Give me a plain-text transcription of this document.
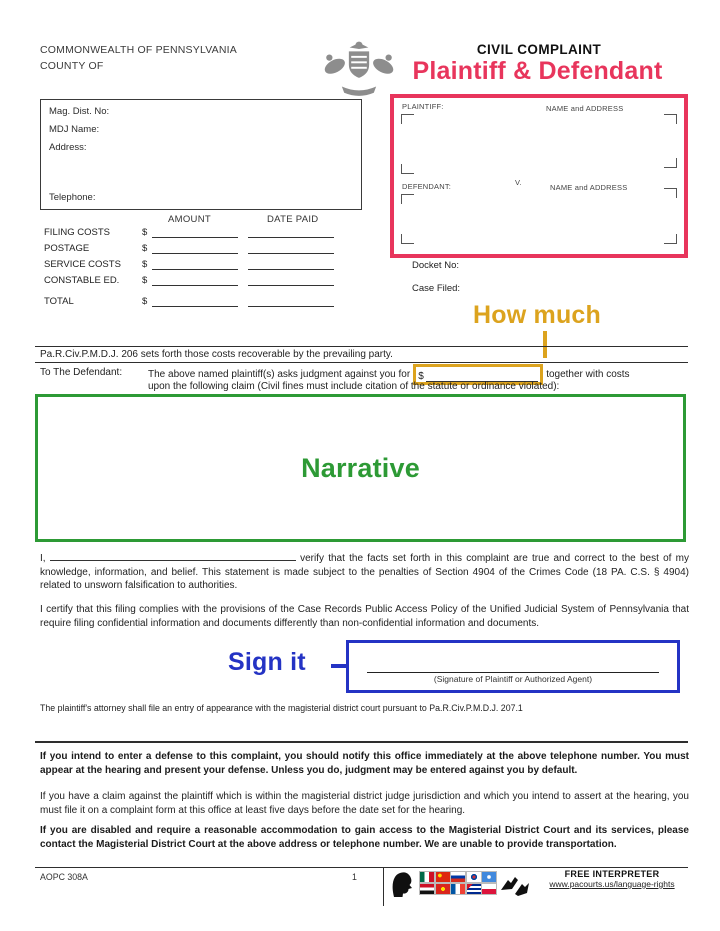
COMMONWEALTH OF PENNSYLVANIA
COUNTY OF
CIVIL COMPLAINT
Plaintiff & Defendant
Mag. Dist. No:
MDJ Name:
Address:
Telephone:
AMOUNT	DATE PAID
FILING COSTS	$
POSTAGE	$
SERVICE COSTS	$
CONSTABLE ED.	$
TOTAL	$
PLAINTIFF:	NAME and ADDRESS
DEFENDANT:	V.
NAME and ADDRESS
Docket No:
Case Filed:
How much
Pa.R.Civ.P.M.D.J. 206 sets forth those costs recoverable by the prevailing party.
To The Defendant:	The above named plaintiff(s) asks judgment against you for $	together with costs
upon the following claim (Civil fines must include citation of the statute or ordinance violated):
Narrative
I,	verify that the facts set forth in this complaint are true and correct to the best of my knowledge, information, and belief. This statement is made subject to the penalties of Section 4904 of the Crimes Code (18 PA. C.S. § 4904) related to unsworn falsification to authorities.
I certify that this filing complies with the provisions of the Case Records Public Access Policy of the Unified Judicial System of Pennsylvania that require filing confidential information and documents differently than non-confidential information and documents.
Sign it
(Signature of Plaintiff or Authorized Agent)
The plaintiff's attorney shall file an entry of appearance with the magisterial district court pursuant to Pa.R.Civ.P.M.D.J. 207.1
If you intend to enter a defense to this complaint, you should notify this office immediately at the above telephone number. You must appear at the hearing and present your defense. Unless you do, judgment may be entered against you by default.
If you have a claim against the plaintiff which is within the magisterial district judge jurisdiction and which you intend to assert at the hearing, you must file it on a complaint form at this office at least five days before the date set for the hearing.
If you are disabled and require a reasonable accommodation to gain access to the Magisterial District Court and its services, please contact the Magisterial District Court at the above address or telephone number. We are unable to provide transportation.
AOPC 308A	1	FREE INTERPRETER
www.pacourts.us/language-rights
